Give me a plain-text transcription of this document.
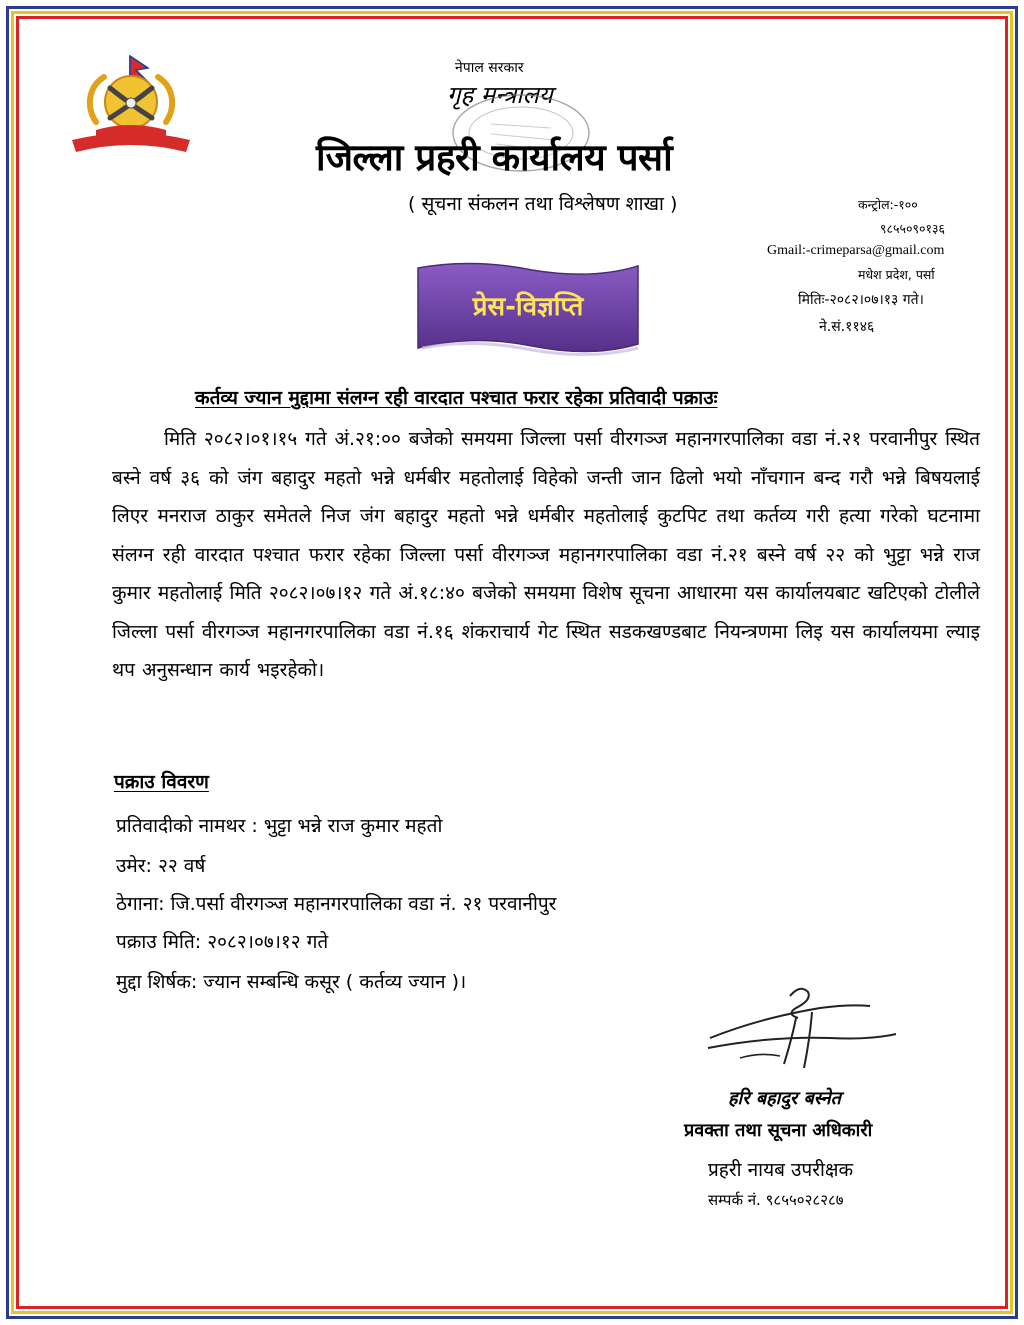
नेपाल सरकार
गृह मन्त्रालय
जिल्ला प्रहरी कार्यालय पर्सा
( सूचना संकलन तथा विश्लेषण शाखा )	कन्ट्रोल:-१००
९८५५०९०१३६
Gmail:-crimeparsa@gmail.com
मधेश प्रदेश, पर्सा
मितिः-२०८२।०७।१३ गते।
ने.सं.११४६
प्रेस-विज्ञप्ति
कर्तव्य ज्यान मुद्दामा संलग्न रही वारदात पश्चात फरार रहेका प्रतिवादी पक्राउः
मिति २०८२।०१।१५ गते अं.२१:०० बजेको समयमा जिल्ला पर्सा वीरगञ्ज महानगरपालिका वडा नं.२१ परवानीपुर स्थित बस्ने वर्ष ३६ को जंग बहादुर महतो भन्ने धर्मबीर महतोलाई विहेको जन्ती जान ढिलो भयो नाँचगान बन्द गरौ भन्ने बिषयलाई लिएर मनराज ठाकुर समेतले निज जंग बहादुर महतो भन्ने धर्मबीर महतोलाई कुटपिट तथा कर्तव्य गरी हत्या गरेको घटनामा संलग्न रही वारदात पश्चात फरार रहेका जिल्ला पर्सा वीरगञ्ज महानगरपालिका वडा नं.२१ बस्ने वर्ष २२ को भुट्टा भन्ने राज कुमार महतोलाई मिति २०८२।०७।१२ गते अं.१८:४० बजेको समयमा विशेष सूचना आधारमा यस कार्यालयबाट खटिएको टोलीले जिल्ला पर्सा वीरगञ्ज महानगरपालिका वडा नं.१६ शंकराचार्य गेट स्थित सडकखण्डबाट नियन्त्रणमा लिइ यस कार्यालयमा ल्याइ थप अनुसन्धान कार्य भइरहेको।
पक्राउ विवरण
प्रतिवादीको नामथर : भुट्टा भन्ने राज कुमार महतो
उमेर: २२ वर्ष
ठेगाना: जि.पर्सा वीरगञ्ज महानगरपालिका वडा नं. २१ परवानीपुर
पक्राउ मिति: २०८२।०७।१२ गते
मुद्दा शिर्षक: ज्यान सम्बन्धि कसूर ( कर्तव्य ज्यान )।
हरि बहादुर बस्नेत
प्रवक्ता तथा सूचना अधिकारी
प्रहरी नायब उपरीक्षक
सम्पर्क नं. ९८५५०२८२८७
